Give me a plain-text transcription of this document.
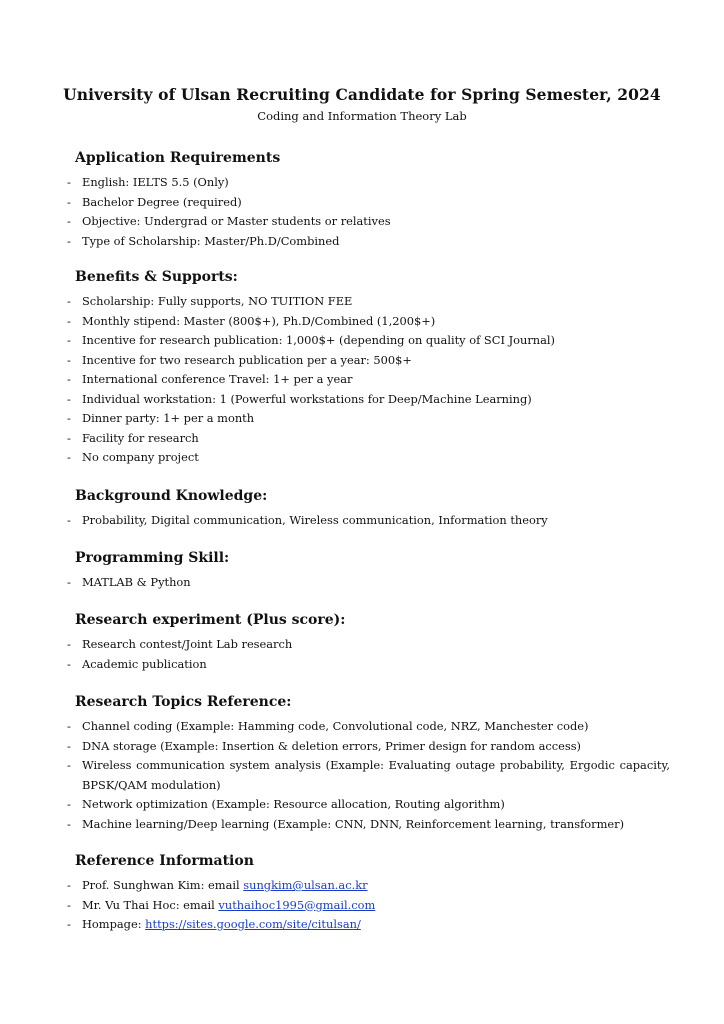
University of Ulsan Recruiting Candidate for Spring Semester, 2024
Coding and Information Theory Lab
Application Requirements
- English: IELTS 5.5 (Only)
- Bachelor Degree (required)
- Objective: Undergrad or Master students or relatives
- Type of Scholarship: Master/Ph.D/Combined
Benefits & Supports:
- Scholarship: Fully supports, NO TUITION FEE
- Monthly stipend: Master (800$+), Ph.D/Combined (1,200$+)
- Incentive for research publication: 1,000$+ (depending on quality of SCI Journal)
- Incentive for two research publication per a year: 500$+
- International conference Travel: 1+ per a year
- Individual workstation: 1 (Powerful workstations for Deep/Machine Learning)
- Dinner party: 1+ per a month
- Facility for research
- No company project
Background Knowledge:
- Probability, Digital communication, Wireless communication, Information theory
Programming Skill:
- MATLAB & Python
Research experiment (Plus score):
- Research contest/Joint Lab research
- Academic publication
Research Topics Reference:
- Channel coding (Example: Hamming code, Convolutional code, NRZ, Manchester code)
- DNA storage (Example: Insertion & deletion errors, Primer design for random access)
- Wireless communication system analysis (Example: Evaluating outage probability, Ergodic capacity, BPSK/QAM modulation)
- Network optimization (Example: Resource allocation, Routing algorithm)
- Machine learning/Deep learning (Example: CNN, DNN, Reinforcement learning, transformer)
Reference Information
- Prof. Sunghwan Kim: email sungkim@ulsan.ac.kr
- Mr. Vu Thai Hoc: email vuthaihoc1995@gmail.com
- Hompage: https://sites.google.com/site/citulsan/
